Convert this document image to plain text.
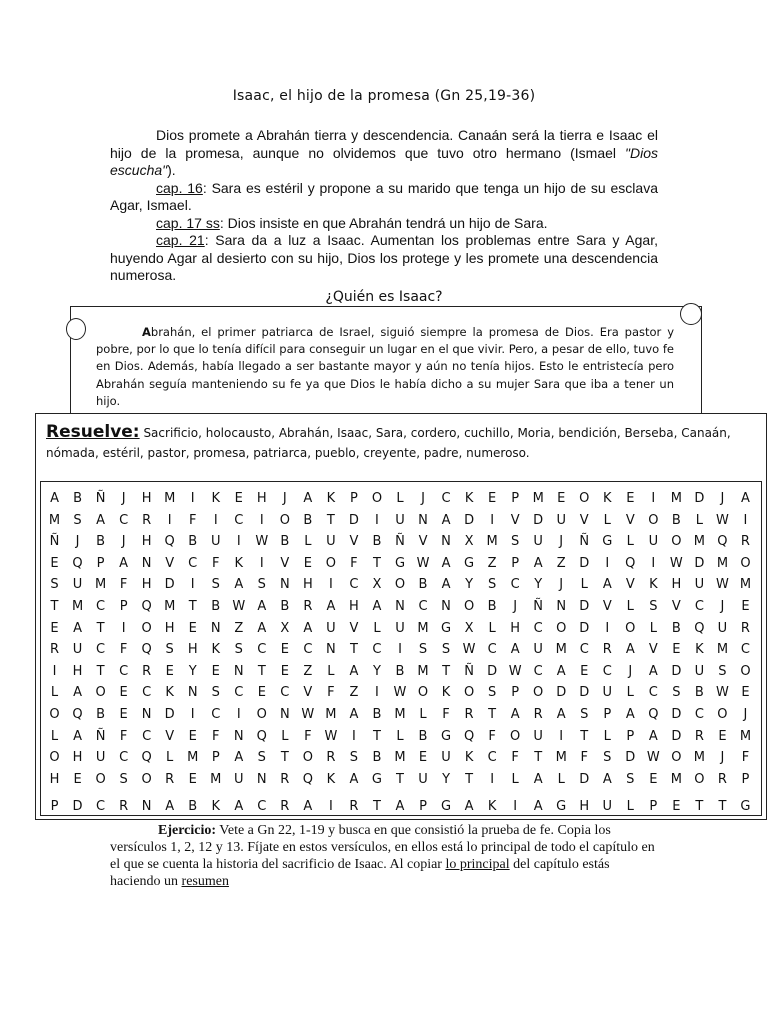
Isaac, el hijo de la promesa (Gn 25,19-36)

Dios promete a Abrahán tierra y descendencia. Canaán será la tierra e Isaac el hijo de la promesa, aunque no olvidemos que tuvo otro hermano (Ismael "Dios escucha").

cap. 16: Sara es estéril y propone a su marido que tenga un hijo de su esclava Agar, Ismael.

cap. 17 ss: Dios insiste en que Abrahán tendrá un hijo de Sara.

cap. 21: Sara da a luz a Isaac. Aumentan los problemas entre Sara y Agar, huyendo Agar al desierto con su hijo, Dios los protege y les promete una descendencia numerosa.

¿Quién es Isaac?

Abrahán, el primer patriarca de Israel, siguió siempre la promesa de Dios. Era pastor y pobre, por lo que lo tenía difícil para conseguir un lugar en el que vivir. Pero, a pesar de ello, tuvo fe en Dios. Además, había llegado a ser bastante mayor y aún no tenía hijos. Esto le entristecía pero Abrahán seguía manteniendo su fe ya que Dios le había dicho a su mujer Sara que iba a tener un hijo.
Resuelve: Sacrificio, holocausto, Abrahán, Isaac, Sara, cordero, cuchillo, Moria, bendición, Berseba, Canaán, nómada, estéril, pastor, promesa, patriarca, pueblo, creyente, padre, numeroso.
A	B	Ñ	J	H M	I	K	E	H	J	A	K	P	O	L	J	C	K	E	P	M	E	O	K	E	I	M D	J	A
M	S	A	C	R	I	F	I	C	I	O	B	T	D	I	U	N	A	D	I	V	D	U	V	L	V	O	B	L W	I
Ñ	J	B	J	H	Q	B	U	I	W B	L	U	V	B	Ñ	V	N	X M	S	U	J	Ñ	G	L	U	O M Q	R
E	Q	P	A	N	V	C	F	K	I	V	E	O	F	T	G W A	G	Z	P	A	Z	D	I	Q	I	W D M O
S	U M	F	H	D	I	S	A	S	N	H	I	C	X	O	B	A	Y	S	C	Y	J	L	A	V	K	H	U W M
T	M C	P	Q M	T	B W A	B	R	A	H	A	N	C	N	O	B	J	Ñ	N	D	V	L	S	V	C	J	E
E	A	T	I	O	H	E	N	Z	A	X	A	U	V	L	U M G	X	L	H	C	O D	I	O	L	B	Q	U	R
R	U	C	F	Q	S	H	K	S	C	E	C	N	T	C	I	S	S W C	A	U M C	R	A	V	E	K	M C
I	H	T	C	R	E	Y	E	N	T	E	Z	L	A	Y	B M	T	Ñ	D W C	A	E	C	J	A	D	U	S	O
L	A	O	E	C	K	N	S	C	E	C	V	F	Z	I	W O	K	O	S	P	O D	D	U	L	C	S	B W E
O Q	B	E	N	D	I	C	I	O	N W M A	B M	L	F	R	T	A	R	A	S	P	A	Q D	C	O	J
L	A	Ñ	F	C	V	E	F	N	Q	L	F W	I	T	L	B	G Q	F	O	U	I	T	L	P	A	D	R	E	M
O	H	U	C	Q	L	M	P	A	S	T	O	R	S	B M	E	U	K	C	F	T	M	F	S	D W O M	J	F
H	E	O	S	O	R	E	M U	N	R	Q	K	A	G	T	U	Y	T	I	L	A	L	D	A	S	E	M O	R	P
P	D	C	R	N	A	B	K	A	C	R	A	I	R	T	A	P	G	A	K	I	A	G	H	U	L	P	E	T	T	G
Ejercicio: Vete a Gn 22, 1-19 y busca en que consistió la prueba de fe. Copia los versículos 1, 2, 12 y 13. Fíjate en estos versículos, en ellos está lo principal de todo el capítulo en el que se cuenta la historia del sacrificio de Isaac. Al copiar lo principal del capítulo estás haciendo un resumen
